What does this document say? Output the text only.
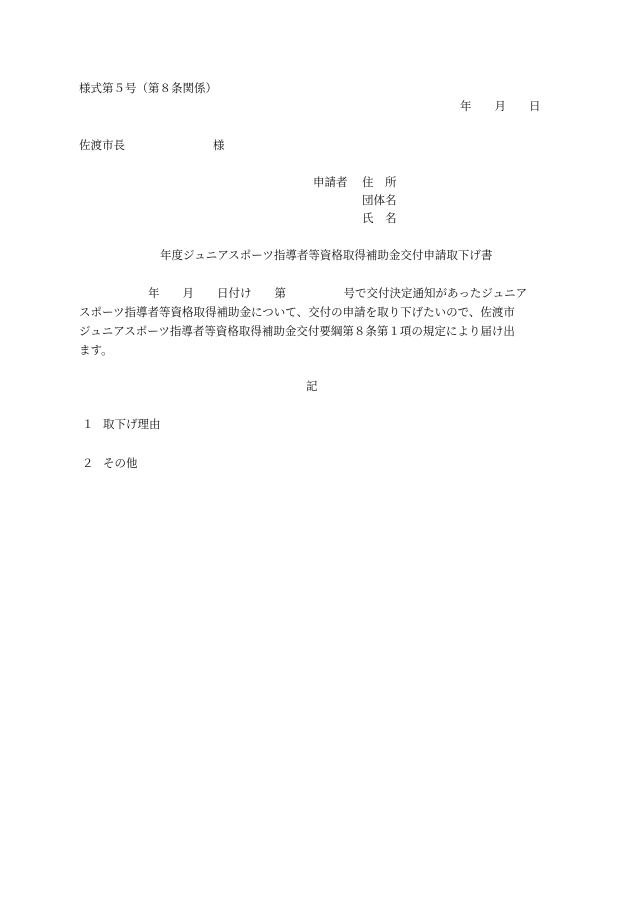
様式第５号（第８条関係）
年　　月　　日
佐渡市長	様
申請者 住　所
団体名
氏　名
年度ジュニアスポーツ指導者等資格取得補助金交付申請取下げ書
　　　　　　年　　月　　日付け　　第　　　　　号で交付決定通知があったジュニア
スポーツ指導者等資格取得補助金について、交付の申請を取り下げたいので、佐渡市
ジュニアスポーツ指導者等資格取得補助金交付要綱第８条第１項の規定により届け出
ます。
記
１ 取下げ理由
２ その他
